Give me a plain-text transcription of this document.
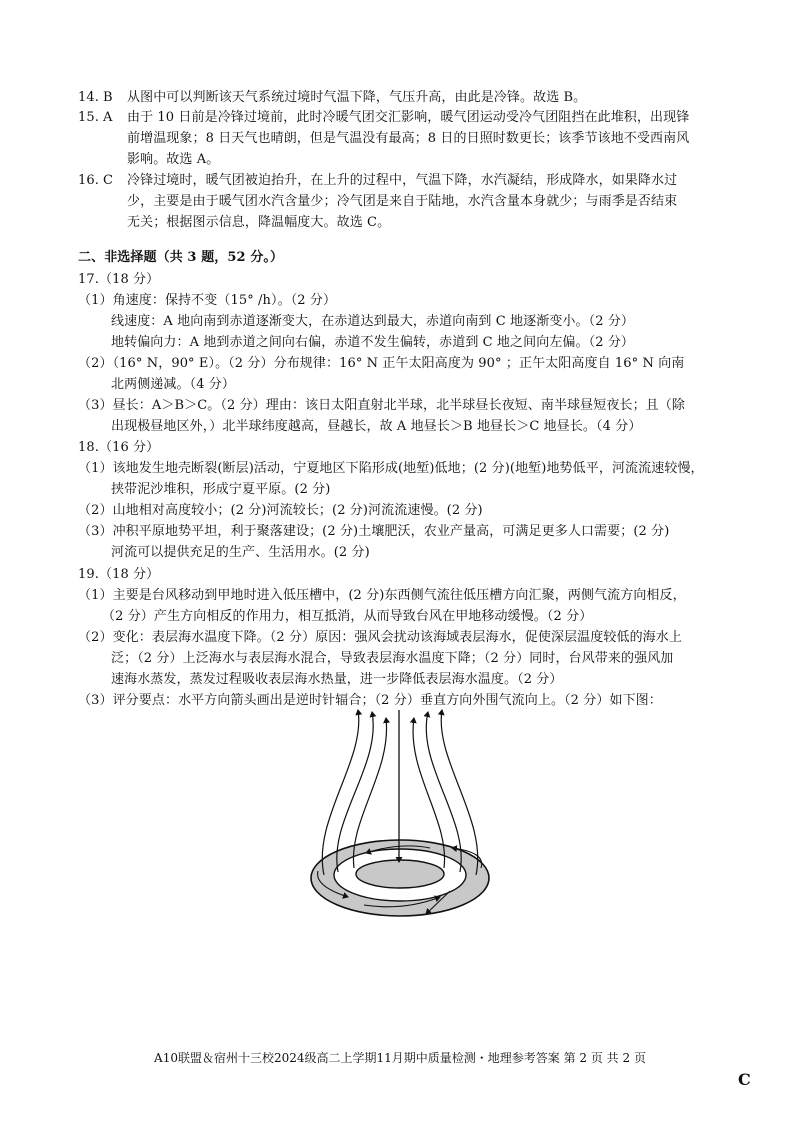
14. B 从图中可以判断该天气系统过境时气温下降，气压升高，由此是冷锋。故选 B。
15. A 由于 10 日前是冷锋过境前，此时冷暖气团交汇影响，暖气团运动受冷气团阻挡在此堆积，出现锋
前增温现象；8 日天气也晴朗，但是气温没有最高；8 日的日照时数更长；该季节该地不受西南风
影响。故选 A。
16. C 冷锋过境时，暖气团被迫抬升，在上升的过程中，气温下降，水汽凝结，形成降水，如果降水过
少，主要是由于暖气团水汽含量少；冷气团是来自于陆地，水汽含量本身就少；与雨季是否结束
无关；根据图示信息，降温幅度大。故选 C。
二、非选择题（共 3 题，52 分。）
17.（18 分）
（1）角速度：保持不变（15° /h）。（2 分）
线速度：A 地向南到赤道逐渐变大，在赤道达到最大，赤道向南到 C 地逐渐变小。（2 分）
地转偏向力：A 地到赤道之间向右偏，赤道不发生偏转，赤道到 C 地之间向左偏。（2 分）
（2）（16° N，90° E）。（2 分）分布规律：16° N 正午太阳高度为 90° ；正午太阳高度自 16° N 向南
北两侧递减。（4 分）
（3）昼长：A＞B＞C。（2 分）理由：该日太阳直射北半球，北半球昼长夜短、南半球昼短夜长；且（除
出现极昼地区外，）北半球纬度越高，昼越长，故 A 地昼长＞B 地昼长＞C 地昼长。（4 分）
18.（16 分）
（1）该地发生地壳断裂(断层)活动，宁夏地区下陷形成(地堑)低地；(2 分)(地堑)地势低平，河流流速较慢，
挟带泥沙堆积，形成宁夏平原。(2 分)
（2）山地相对高度较小；(2 分)河流较长；(2 分)河流流速慢。(2 分)
（3）冲积平原地势平坦，利于聚落建设；(2 分)土壤肥沃，农业产量高，可满足更多人口需要；(2 分)
河流可以提供充足的生产、生活用水。(2 分)
19.（18 分）
（1）主要是台风移动到甲地时进入低压槽中，(2 分)东西侧气流往低压槽方向汇聚，两侧气流方向相反，
（2 分）产生方向相反的作用力，相互抵消，从而导致台风在甲地移动缓慢。（2 分）
（2）变化：表层海水温度下降。（2 分）原因：强风会扰动该海域表层海水，促使深层温度较低的海水上
泛；（2 分）上泛海水与表层海水混合，导致表层海水温度下降；（2 分）同时，台风带来的强风加
速海水蒸发，蒸发过程吸收表层海水热量，进一步降低表层海水温度。（2 分）
（3）评分要点：水平方向箭头画出是逆时针辐合；（2 分）垂直方向外围气流向上。（2 分）如下图：
A10联盟＆宿州十三校2024级高二上学期11月期中质量检测・地理参考答案 第 2 页 共 2 页
C
